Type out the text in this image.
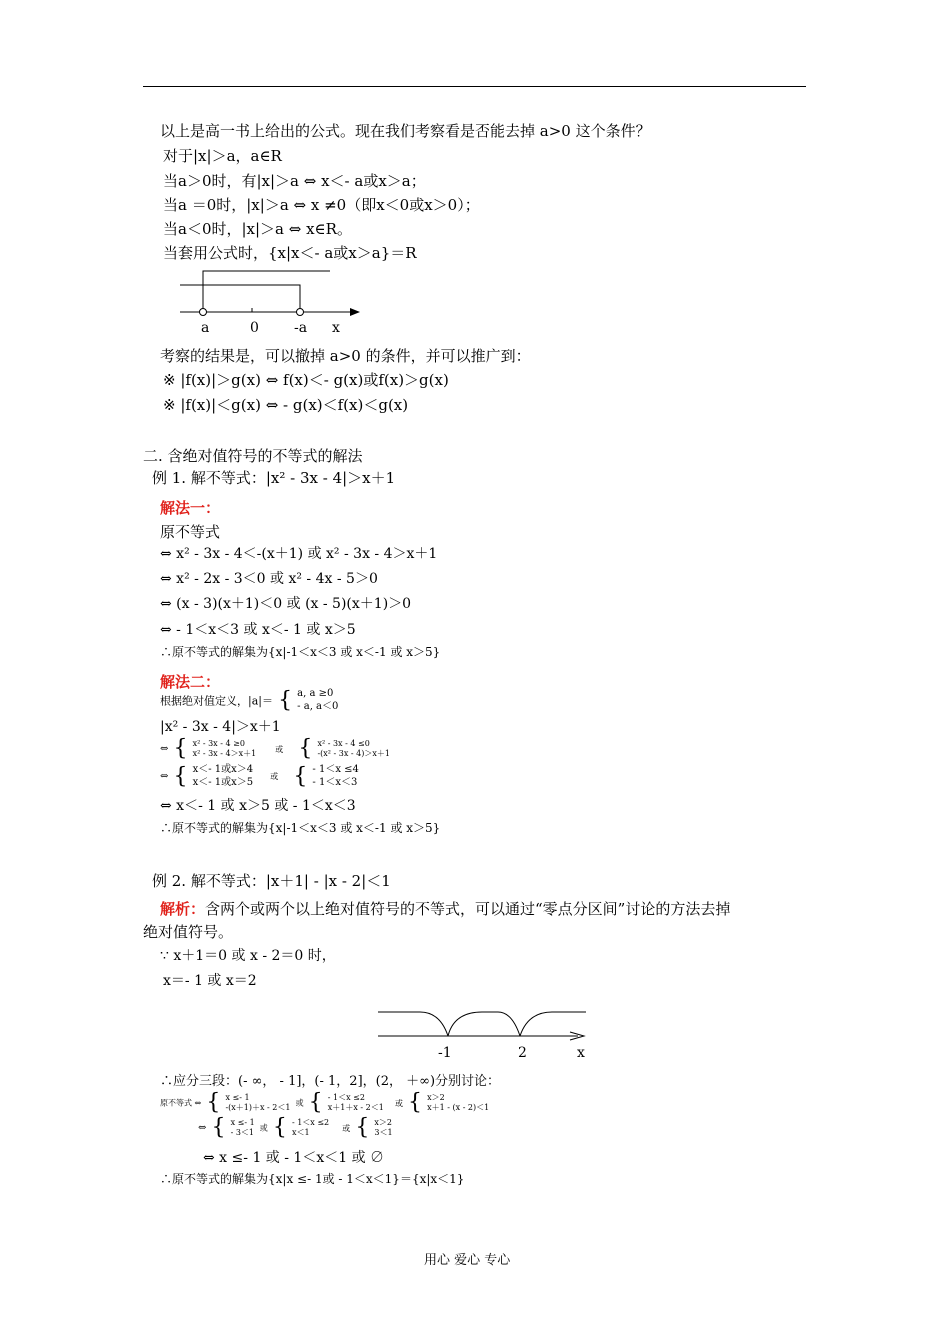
以上是高一书上给出的公式。现在我们考察看是否能去掉 a>0 这个条件？
对于|x|＞a，a∈R
当a＞0时，有|x|＞a ⇔ x＜- a或x＞a；
当a ＝0时，|x|＞a ⇔ x ≠0（即x＜0或x＞0）；
当a＜0时，|x|＞a ⇔ x∈R。
当套用公式时，{x|x＜- a或x＞a}＝R
a	0	-a x
考察的结果是，可以撤掉 a>0 的条件，并可以推广到：
※ |f(x)|＞g(x) ⇔ f(x)＜- g(x)或f(x)＞g(x)
※ |f(x)|＜g(x) ⇔ - g(x)＜f(x)＜g(x)
二. 含绝对值符号的不等式的解法
例 1. 解不等式：|x² - 3x - 4|＞x＋1
解法一：
原不等式
⇔ x² - 3x - 4＜-(x＋1) 或 x² - 3x - 4＞x＋1
⇔ x² - 2x - 3＜0 或 x² - 4x - 5＞0
⇔ (x - 3)(x＋1)＜0 或 (x - 5)(x＋1)＞0
⇔ - 1＜x＜3 或 x＜- 1 或 x＞5
∴原不等式的解集为{x|-1＜x＜3 或 x＜-1 或 x＞5}
解法二：
根据绝对值定义，|a|＝ { a, a ≥0
- a, a＜0
|x² - 3x - 4|＞x＋1
⇔ { x² - 3x - 4 ≥0
x² - 3x - 4＞x＋1 或 { x² - 3x - 4 ≤0
-(x² - 3x - 4)＞x＋1
⇔ { x＜- 1或x＞4
x＜- 1或x＞5 或 { - 1＜x ≤4
- 1＜x＜3
⇔ x＜- 1 或 x＞5 或 - 1＜x＜3
∴原不等式的解集为{x|-1＜x＜3 或 x＜-1 或 x＞5}
例 2. 解不等式：|x＋1| - |x - 2|＜1
解析：含两个或两个以上绝对值符号的不等式，可以通过“零点分区间”讨论的方法去掉
绝对值符号。
∵ x＋1＝0 或 x - 2＝0 时，
x＝- 1 或 x＝2
-1	2	x
∴应分三段：(- ∞， - 1]，(- 1，2]，(2， ＋∞)分别讨论：
原不等式 ⇔ { x ≤- 1
-(x＋1)＋x - 2＜1 或 { - 1＜x ≤2
x＋1＋x - 2＜1 或 { x＞2
x＋1 - (x - 2)＜1
⇔ { x ≤- 1
- 3＜1 或 { - 1＜x ≤2
x＜1	或 { x＞2
3＜1
⇔ x ≤- 1 或 - 1＜x＜1 或 ∅
∴原不等式的解集为{x|x ≤- 1或 - 1＜x＜1}＝{x|x＜1}
用心 爱心 专心
